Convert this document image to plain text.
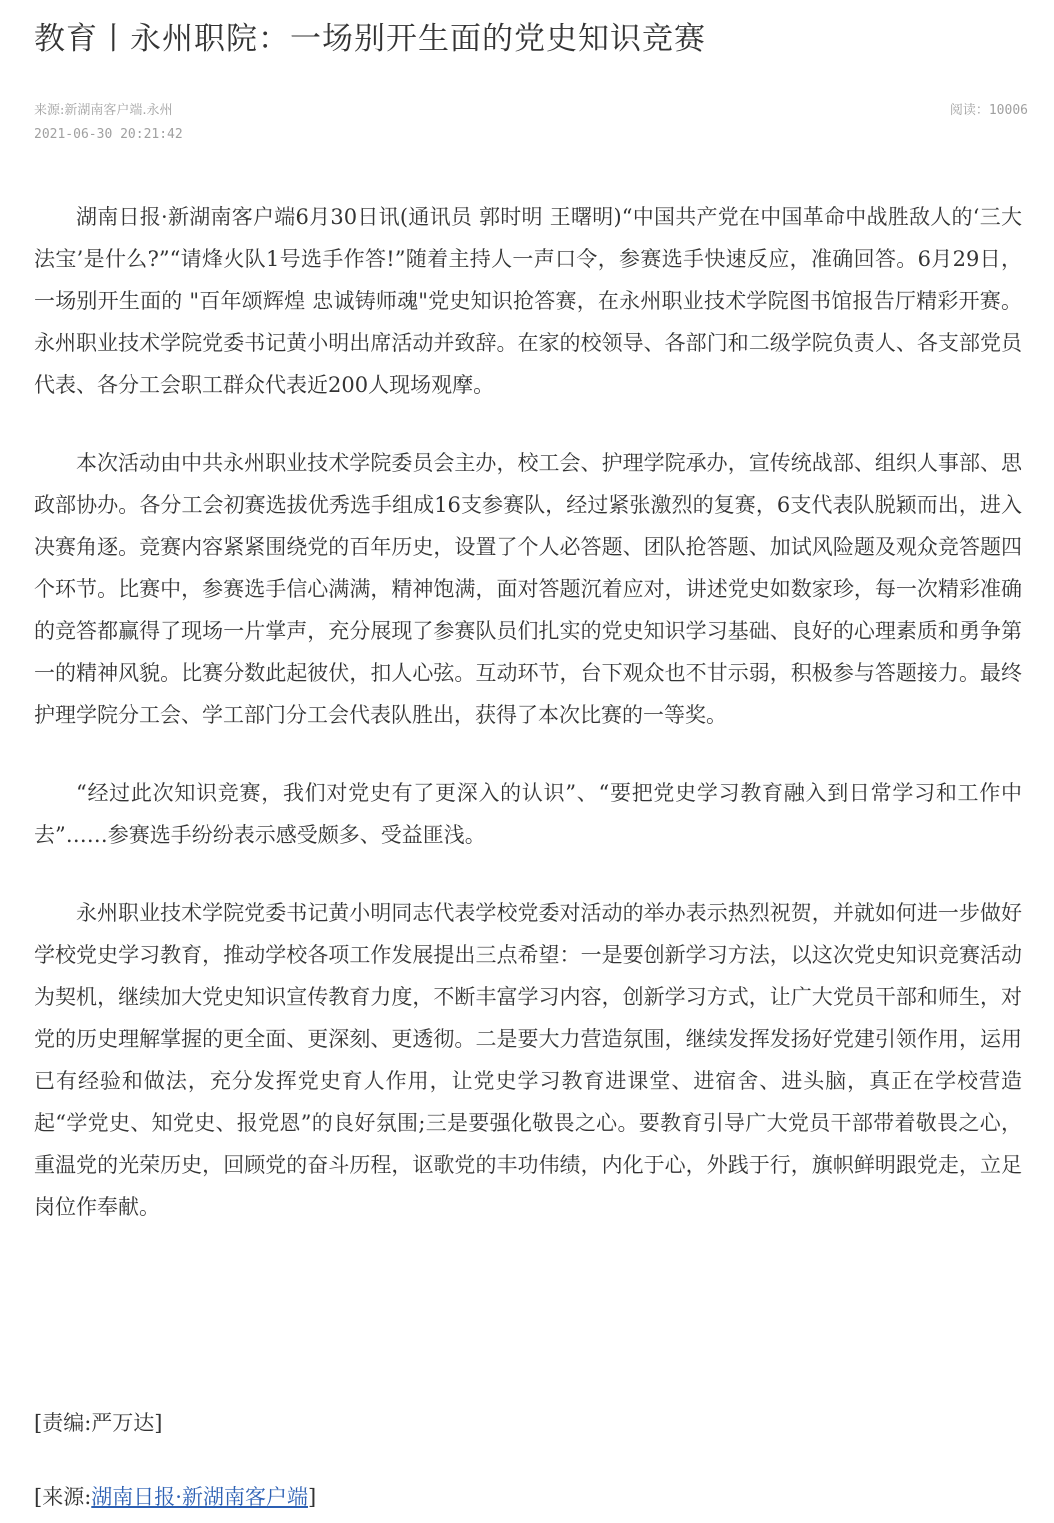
教育丨永州职院：一场别开生面的党史知识竞赛
来源:新湖南客户端.永州
2021-06-30 20:21:42
阅读：10006

湖南日报·新湖南客户端6月30日讯(通讯员 郭时明 王曙明)“中国共产党在中国革命中战胜敌人的‘三大法宝’是什么?”“请烽火队1号选手作答!”随着主持人一声口令，参赛选手快速反应，准确回答。6月29日，一场别开生面的 "百年颂辉煌 忠诚铸师魂"党史知识抢答赛，在永州职业技术学院图书馆报告厅精彩开赛。永州职业技术学院党委书记黄小明出席活动并致辞。在家的校领导、各部门和二级学院负责人、各支部党员代表、各分工会职工群众代表近200人现场观摩。

本次活动由中共永州职业技术学院委员会主办，校工会、护理学院承办，宣传统战部、组织人事部、思政部协办。各分工会初赛选拔优秀选手组成16支参赛队，经过紧张激烈的复赛，6支代表队脱颖而出，进入决赛角逐。竞赛内容紧紧围绕党的百年历史，设置了个人必答题、团队抢答题、加试风险题及观众竞答题四个环节。比赛中，参赛选手信心满满，精神饱满，面对答题沉着应对，讲述党史如数家珍，每一次精彩准确的竞答都赢得了现场一片掌声，充分展现了参赛队员们扎实的党史知识学习基础、良好的心理素质和勇争第一的精神风貌。比赛分数此起彼伏，扣人心弦。互动环节，台下观众也不甘示弱，积极参与答题接力。最终护理学院分工会、学工部门分工会代表队胜出，获得了本次比赛的一等奖。

“经过此次知识竞赛，我们对党史有了更深入的认识”、“要把党史学习教育融入到日常学习和工作中去”……参赛选手纷纷表示感受颇多、受益匪浅。

永州职业技术学院党委书记黄小明同志代表学校党委对活动的举办表示热烈祝贺，并就如何进一步做好学校党史学习教育，推动学校各项工作发展提出三点希望：一是要创新学习方法，以这次党史知识竞赛活动为契机，继续加大党史知识宣传教育力度，不断丰富学习内容，创新学习方式，让广大党员干部和师生，对党的历史理解掌握的更全面、更深刻、更透彻。二是要大力营造氛围，继续发挥发扬好党建引领作用，运用已有经验和做法，充分发挥党史育人作用，让党史学习教育进课堂、进宿舍、进头脑，真正在学校营造起“学党史、知党史、报党恩”的良好氛围;三是要强化敬畏之心。要教育引导广大党员干部带着敬畏之心，重温党的光荣历史，回顾党的奋斗历程，讴歌党的丰功伟绩，内化于心，外践于行，旗帜鲜明跟党走，立足岗位作奉献。

[责编:严万达]
[来源:湖南日报·新湖南客户端]
